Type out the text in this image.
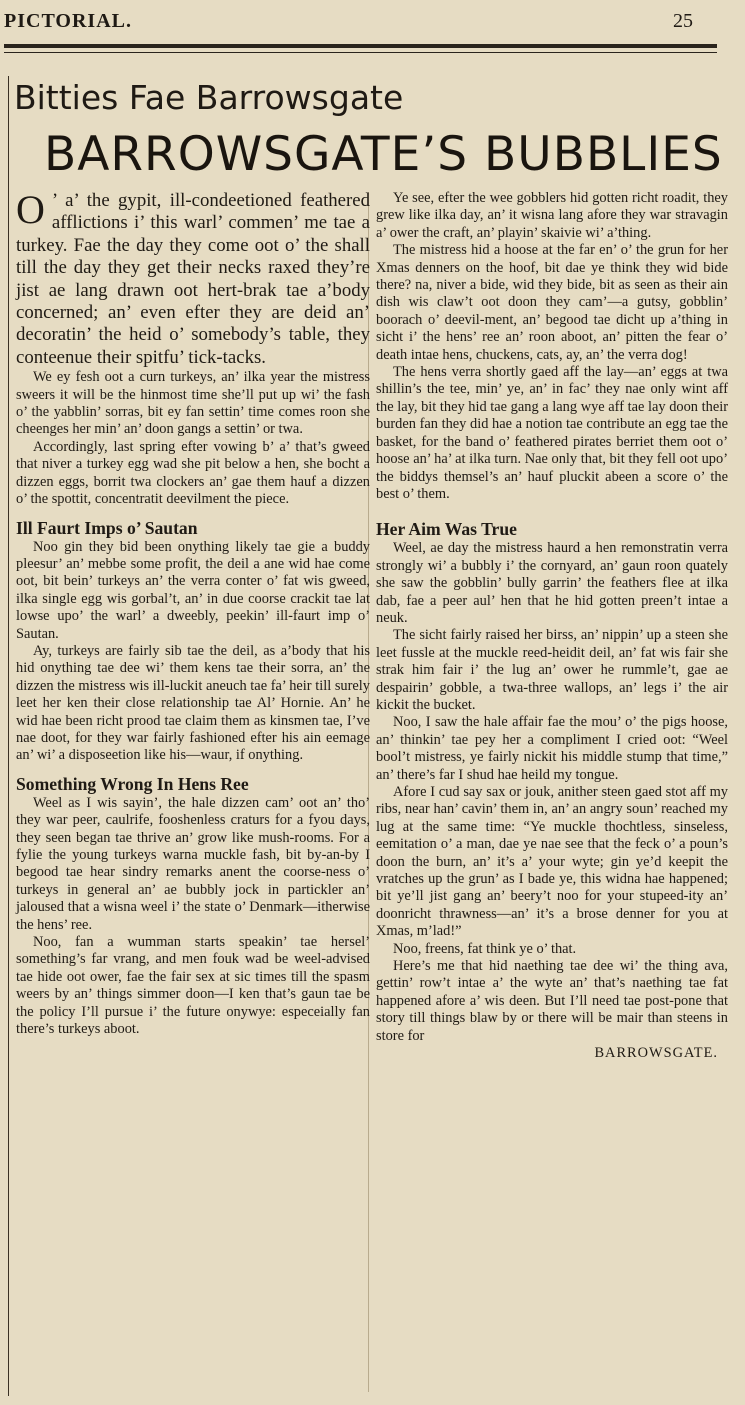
PICTORIAL.	25
Bitties Fae Barrowsgate
BARROWSGATE’S BUBBLIES

O ’ a’ the gypit, ill-condeetioned feathered afflictions i’ this warl’ commen’ me tae a turkey. Fae the day they come oot o’ the shall till the day they get their necks raxed they’re jist ae lang drawn oot hert-brak tae a’body concerned; an’ even efter they are deid an’ decoratin’ the heid o’ somebody’s table, they conteenue their spitfu’ tick-tacks.

We ey fesh oot a curn turkeys, an’ ilka year the mistress sweers it will be the hinmost time she’ll put up wi’ the fash o’ the yabblin’ sorras, bit ey fan settin’ time comes roon she cheenges her min’ an’ doon gangs a settin’ or twa.

Accordingly, last spring efter vowing b’ a’ that’s gweed that niver a turkey egg wad she pit below a hen, she bocht a dizzen eggs, borrit twa clockers an’ gae them hauf a dizzen o’ the spottit, concentratit deevilment the piece.

Ill Faurt Imps o’ Sautan

Noo gin they bid been onything likely tae gie a buddy pleesur’ an’ mebbe some profit, the deil a ane wid hae come oot, bit bein’ turkeys an’ the verra conter o’ fat wis gweed, ilka single egg wis gorbal’t, an’ in due coorse crackit tae lat lowse upo’ the warl’ a dweebly, peekin’ ill-faurt imp o’ Sautan.

Ay, turkeys are fairly sib tae the deil, as a’body that his hid onything tae dee wi’ them kens tae their sorra, an’ the dizzen the mistress wis ill-luckit aneuch tae fa’ heir till surely leet her ken their close relationship tae Al’ Hornie. An’ he wid hae been richt prood tae claim them as kinsmen tae, I’ve nae doot, for they war fairly fashioned efter his ain eemage an’ wi’ a disposeetion like his—waur, if onything.

Something Wrong In Hens Ree

Weel as I wis sayin’, the hale dizzen cam’ oot an’ tho’ they war peer, caulrife, fooshenless craturs for a fyou days, they seen began tae thrive an’ grow like mush-rooms. For a fylie the young turkeys warna muckle fash, bit by-an-by I begood tae hear sindry remarks anent the coorse-ness o’ turkeys in general an’ ae bubbly jock in partickler an’ jaloused that a wisna weel i’ the state o’ Denmark—itherwise the hens’ ree.

Noo, fan a wumman starts speakin’ tae hersel’ something’s far vrang, and men fouk wad be weel-advised tae hide oot ower, fae the fair sex at sic times till the spasm weers by an’ things simmer doon—I ken that’s gaun tae be the policy I’ll pursue i’ the future onywye: especeially fan there’s turkeys aboot.

Ye see, efter the wee gobblers hid gotten richt roadit, they grew like ilka day, an’ it wisna lang afore they war stravagin a’ ower the craft, an’ playin’ skaivie wi’ a’thing.

The mistress hid a hoose at the far en’ o’ the grun for her Xmas denners on the hoof, bit dae ye think they wid bide there? na, niver a bide, wid they bide, bit as seen as their ain dish wis claw’t oot doon they cam’—a gutsy, gobblin’ boorach o’ deevil-ment, an’ begood tae dicht up a’thing in sicht i’ the hens’ ree an’ roon aboot, an’ pitten the fear o’ death intae hens, chuckens, cats, ay, an’ the verra dog!

The hens verra shortly gaed aff the lay—an’ eggs at twa shillin’s the tee, min’ ye, an’ in fac’ they nae only wint aff the lay, bit they hid tae gang a lang wye aff tae lay doon their burden fan they did hae a notion tae contribute an egg tae the basket, for the band o’ feathered pirates berriet them oot o’ hoose an’ ha’ at ilka turn. Nae only that, bit they fell oot upo’ the biddys themsel’s an’ hauf pluckit abeen a score o’ the best o’ them.

Her Aim Was True

Weel, ae day the mistress haurd a hen remonstratin verra strongly wi’ a bubbly i’ the cornyard, an’ gaun roon quately she saw the gobblin’ bully garrin’ the feathers flee at ilka dab, fae a peer aul’ hen that he hid gotten preen’t intae a neuk.

The sicht fairly raised her birss, an’ nippin’ up a steen she leet fussle at the muckle reed-heidit deil, an’ fat wis fair she strak him fair i’ the lug an’ ower he rummle’t, gae ae despairin’ gobble, a twa-three wallops, an’ legs i’ the air kickit the bucket.

Noo, I saw the hale affair fae the mou’ o’ the pigs hoose, an’ thinkin’ tae pey her a compliment I cried oot: “Weel bool’t mistress, ye fairly nickit his middle stump that time,” an’ there’s far I shud hae heild my tongue.

Afore I cud say sax or jouk, anither steen gaed stot aff my ribs, near han’ cavin’ them in, an’ an angry soun’ reached my lug at the same time: “Ye muckle thochtless, sinseless, eemitation o’ a man, dae ye nae see that the feck o’ a poun’s doon the burn, an’ it’s a’ your wyte; gin ye’d keepit the vratches up the grun’ as I bade ye, this widna hae happened; bit ye’ll jist gang an’ beery’t noo for your stupeed-ity an’ doonricht thrawness—an’ it’s a brose denner for you at Xmas, m’lad!”

Noo, freens, fat think ye o’ that.

Here’s me that hid naething tae dee wi’ the thing ava, gettin’ row’t intae a’ the wyte an’ that’s naething tae fat happened afore a’ wis deen. But I’ll need tae post-pone that story till things blaw by or there will be mair than steens in store for

BARROWSGATE.
